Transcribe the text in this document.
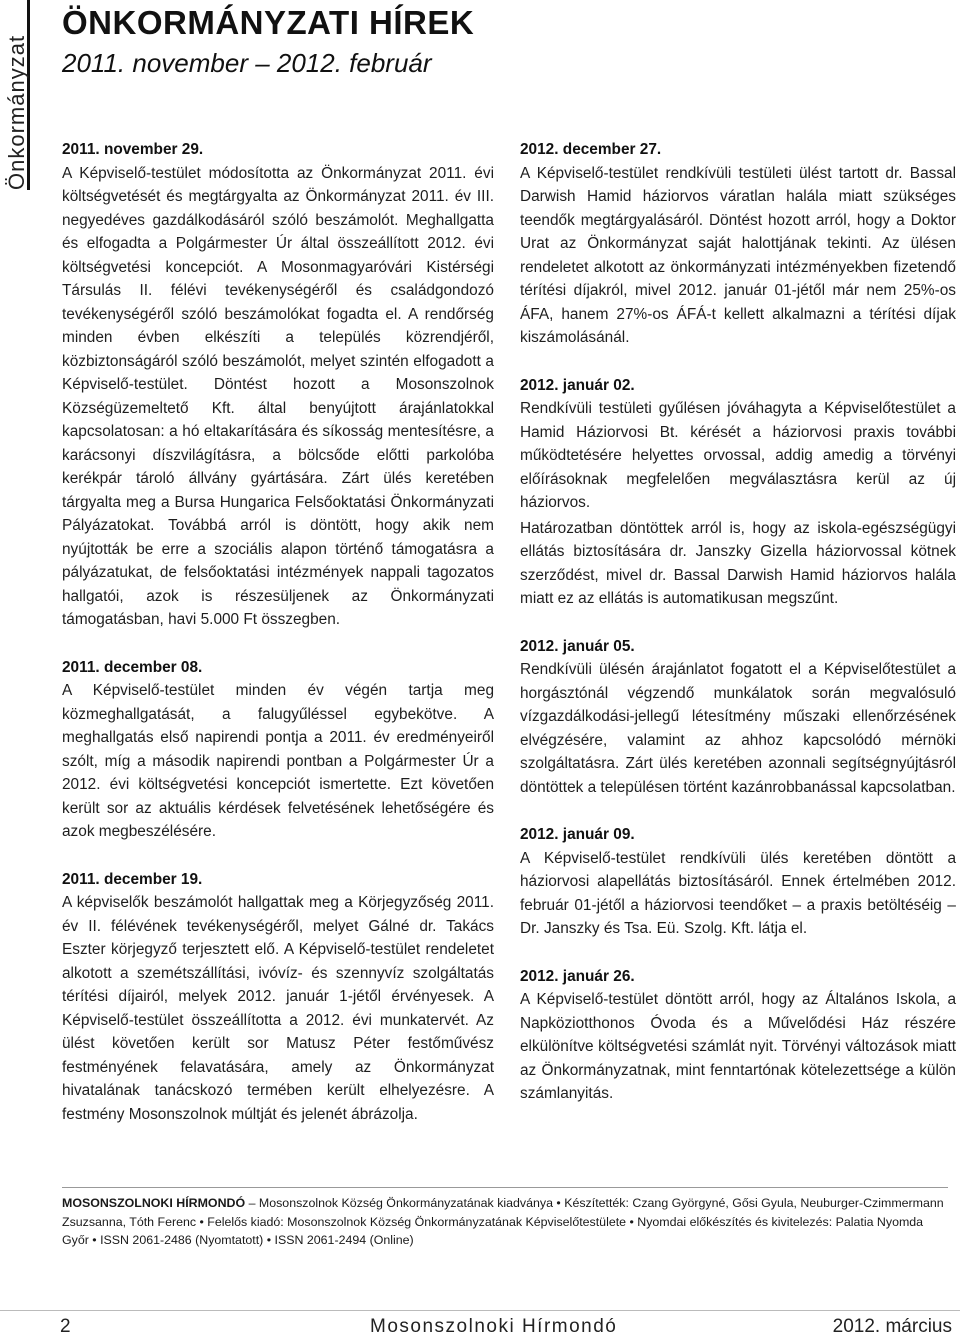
Önkormányzat
ÖNKORMÁNYZATI HÍREK
2011. november – 2012. február
2011. november 29.

A Képviselő-testület módosította az Önkormányzat 2011. évi költségvetését és megtárgyalta az Önkormányzat 2011. év III. negyedéves gazdálkodásáról szóló beszámolót. Meghallgatta és elfogadta a Polgármester Úr által összeállított 2012. évi költségvetési koncepciót. A Mosonmagyaróvári Kistérségi Társulás II. félévi tevékenységéről és családgondozó tevékenységéről szóló beszámolókat fogadta el. A rendőrség minden évben elkészíti a település közrendjéről, közbiztonságáról szóló beszámolót, melyet szintén elfogadott a Képviselő-testület. Döntést hozott a Mosonszolnok Községüzemeltető Kft. által benyújtott árajánlatokkal kapcsolatosan: a hó eltakarítására és síkosság mentesítésre, a karácsonyi díszvilágításra, a bölcsőde előtti parkolóba kerékpár tároló állvány gyártására. Zárt ülés keretében tárgyalta meg a Bursa Hungarica Felsőoktatási Önkormányzati Pályázatokat. Továbbá arról is döntött, hogy akik nem nyújtották be erre a szociális alapon történő támogatásra a pályázatukat, de felsőoktatási intézmények nappali tagozatos hallgatói, azok is részesüljenek az Önkormányzati támogatásban, havi 5.000 Ft összegben.

2011. december 08.

A Képviselő-testület minden év végén tartja meg közmeghallgatását, a falugyűléssel egybekötve. A meghallgatás első napirendi pontja a 2011. év eredményeiről szólt, míg a második napirendi pontban a Polgármester Úr a 2012. évi költségvetési koncepciót ismertette. Ezt követően került sor az aktuális kérdések felvetésének lehetőségére és azok megbeszélésére.

2011. december 19.

A képviselők beszámolót hallgattak meg a Körjegyzőség 2011. év II. félévének tevékenységéről, melyet Gálné dr. Takács Eszter körjegyző terjesztett elő. A Képviselő-testület rendeletet alkotott a szemétszállítási, ivóvíz- és szennyvíz szolgáltatás térítési díjairól, melyek 2012. január 1-jétől érvényesek. A Képviselő-testület összeállította a 2012. évi munkatervét. Az ülést követően került sor Matusz Péter festőművész festményének felavatására, amely az Önkormányzat hivatalának tanácskozó termében került elhelyezésre. A festmény Mosonszolnok múltját és jelenét ábrázolja.

2012. december 27.

A Képviselő-testület rendkívüli testületi ülést tartott dr. Bassal Darwish Hamid háziorvos váratlan halála miatt szükséges teendők megtárgyalásáról. Döntést hozott arról, hogy a Doktor Urat az Önkormányzat saját halottjának tekinti. Az ülésen rendeletet alkotott az önkormányzati intézményekben fizetendő térítési díjakról, mivel 2012. január 01-jétől már nem 25%-os ÁFA, hanem 27%-os ÁFÁ-t kellett alkalmazni a térítési díjak kiszámolásánál.

2012. január 02.

Rendkívüli testületi gyűlésen jóváhagyta a Képviselőtestület a Hamid Háziorvosi Bt. kérését a háziorvosi praxis további működtetésére helyettes orvossal, addig amedig a törvényi előírásoknak megfelelően megválasztásra kerül az új háziorvos.

Határozatban döntöttek arról is, hogy az iskola-egészségügyi ellátás biztosítására dr. Janszky Gizella háziorvossal kötnek szerződést, mivel dr. Bassal Darwish Hamid háziorvos halála miatt ez az ellátás is automatikusan megszűnt.

2012. január 05.

Rendkívüli ülésén árajánlatot fogatott el a Képviselőtestület a horgásztónál végzendő munkálatok során megvalósuló vízgazdálkodási-jellegű létesítmény műszaki ellenőrzésének elvégzésére, valamint az ahhoz kapcsolódó mérnöki szolgáltatásra. Zárt ülés keretében azonnali segítségnyújtásról döntöttek a településen történt kazánrobbanással kapcsolatban.

2012. január 09.

A Képviselő-testület rendkívüli ülés keretében döntött a háziorvosi alapellátás biztosításáról. Ennek értelmében 2012. február 01-jétől a háziorvosi teendőket – a praxis betöltéséig – Dr. Janszky és Tsa. Eü. Szolg. Kft. látja el.

2012. január 26.

A Képviselő-testület döntött arról, hogy az Általános Iskola, a Napköziotthonos Óvoda és a Művelődési Ház részére elkülönítve költségvetési számlát nyit. Törvényi változások miatt az Önkormányzatnak, mint fenntartónak kötelezettsége a külön számlanyitás.

MOSONSZOLNOKI HÍRMONDÓ – Mosonszolnok Község Önkormányzatának kiadványa • Készítették: Czang Györgyné, Gősi Gyula, Neuburger-Czimmermann Zsuzsanna, Tóth Ferenc • Felelős kiadó: Mosonszolnok Község Önkormányzatának Képviselőtestülete • Nyomdai előkészítés és kivitelezés: Palatia Nyomda Győr • ISSN 2061-2486 (Nyomtatott) • ISSN 2061-2494 (Online)
2	Mosonszolnoki Hírmondó	2012. március
